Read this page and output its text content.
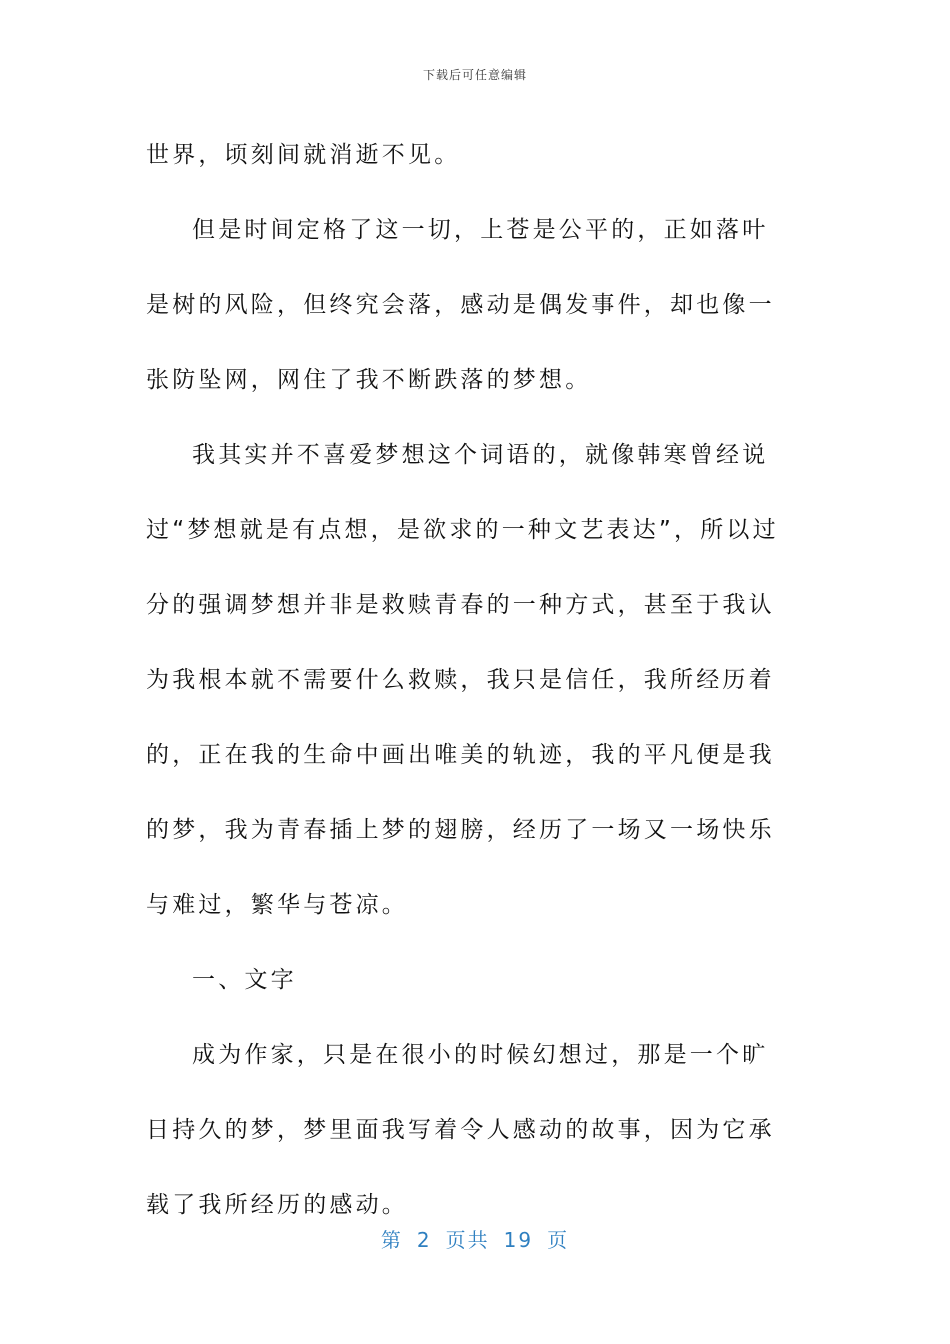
下载后可任意编辑

世界，顷刻间就消逝不见。

但是时间定格了这一切，上苍是公平的，正如落叶是树的风险，但终究会落，感动是偶发事件，却也像一张防坠网，网住了我不断跌落的梦想。

我其实并不喜爱梦想这个词语的，就像韩寒曾经说过“梦想就是有点想，是欲求的一种文艺表达”，所以过分的强调梦想并非是救赎青春的一种方式，甚至于我认为我根本就不需要什么救赎，我只是信任，我所经历着的，正在我的生命中画出唯美的轨迹，我的平凡便是我的梦，我为青春插上梦的翅膀，经历了一场又一场快乐与难过，繁华与苍凉。

一、文字

成为作家，只是在很小的时候幻想过，那是一个旷日持久的梦，梦里面我写着令人感动的故事，因为它承载了我所经历的感动。

第 2 页共 19 页
